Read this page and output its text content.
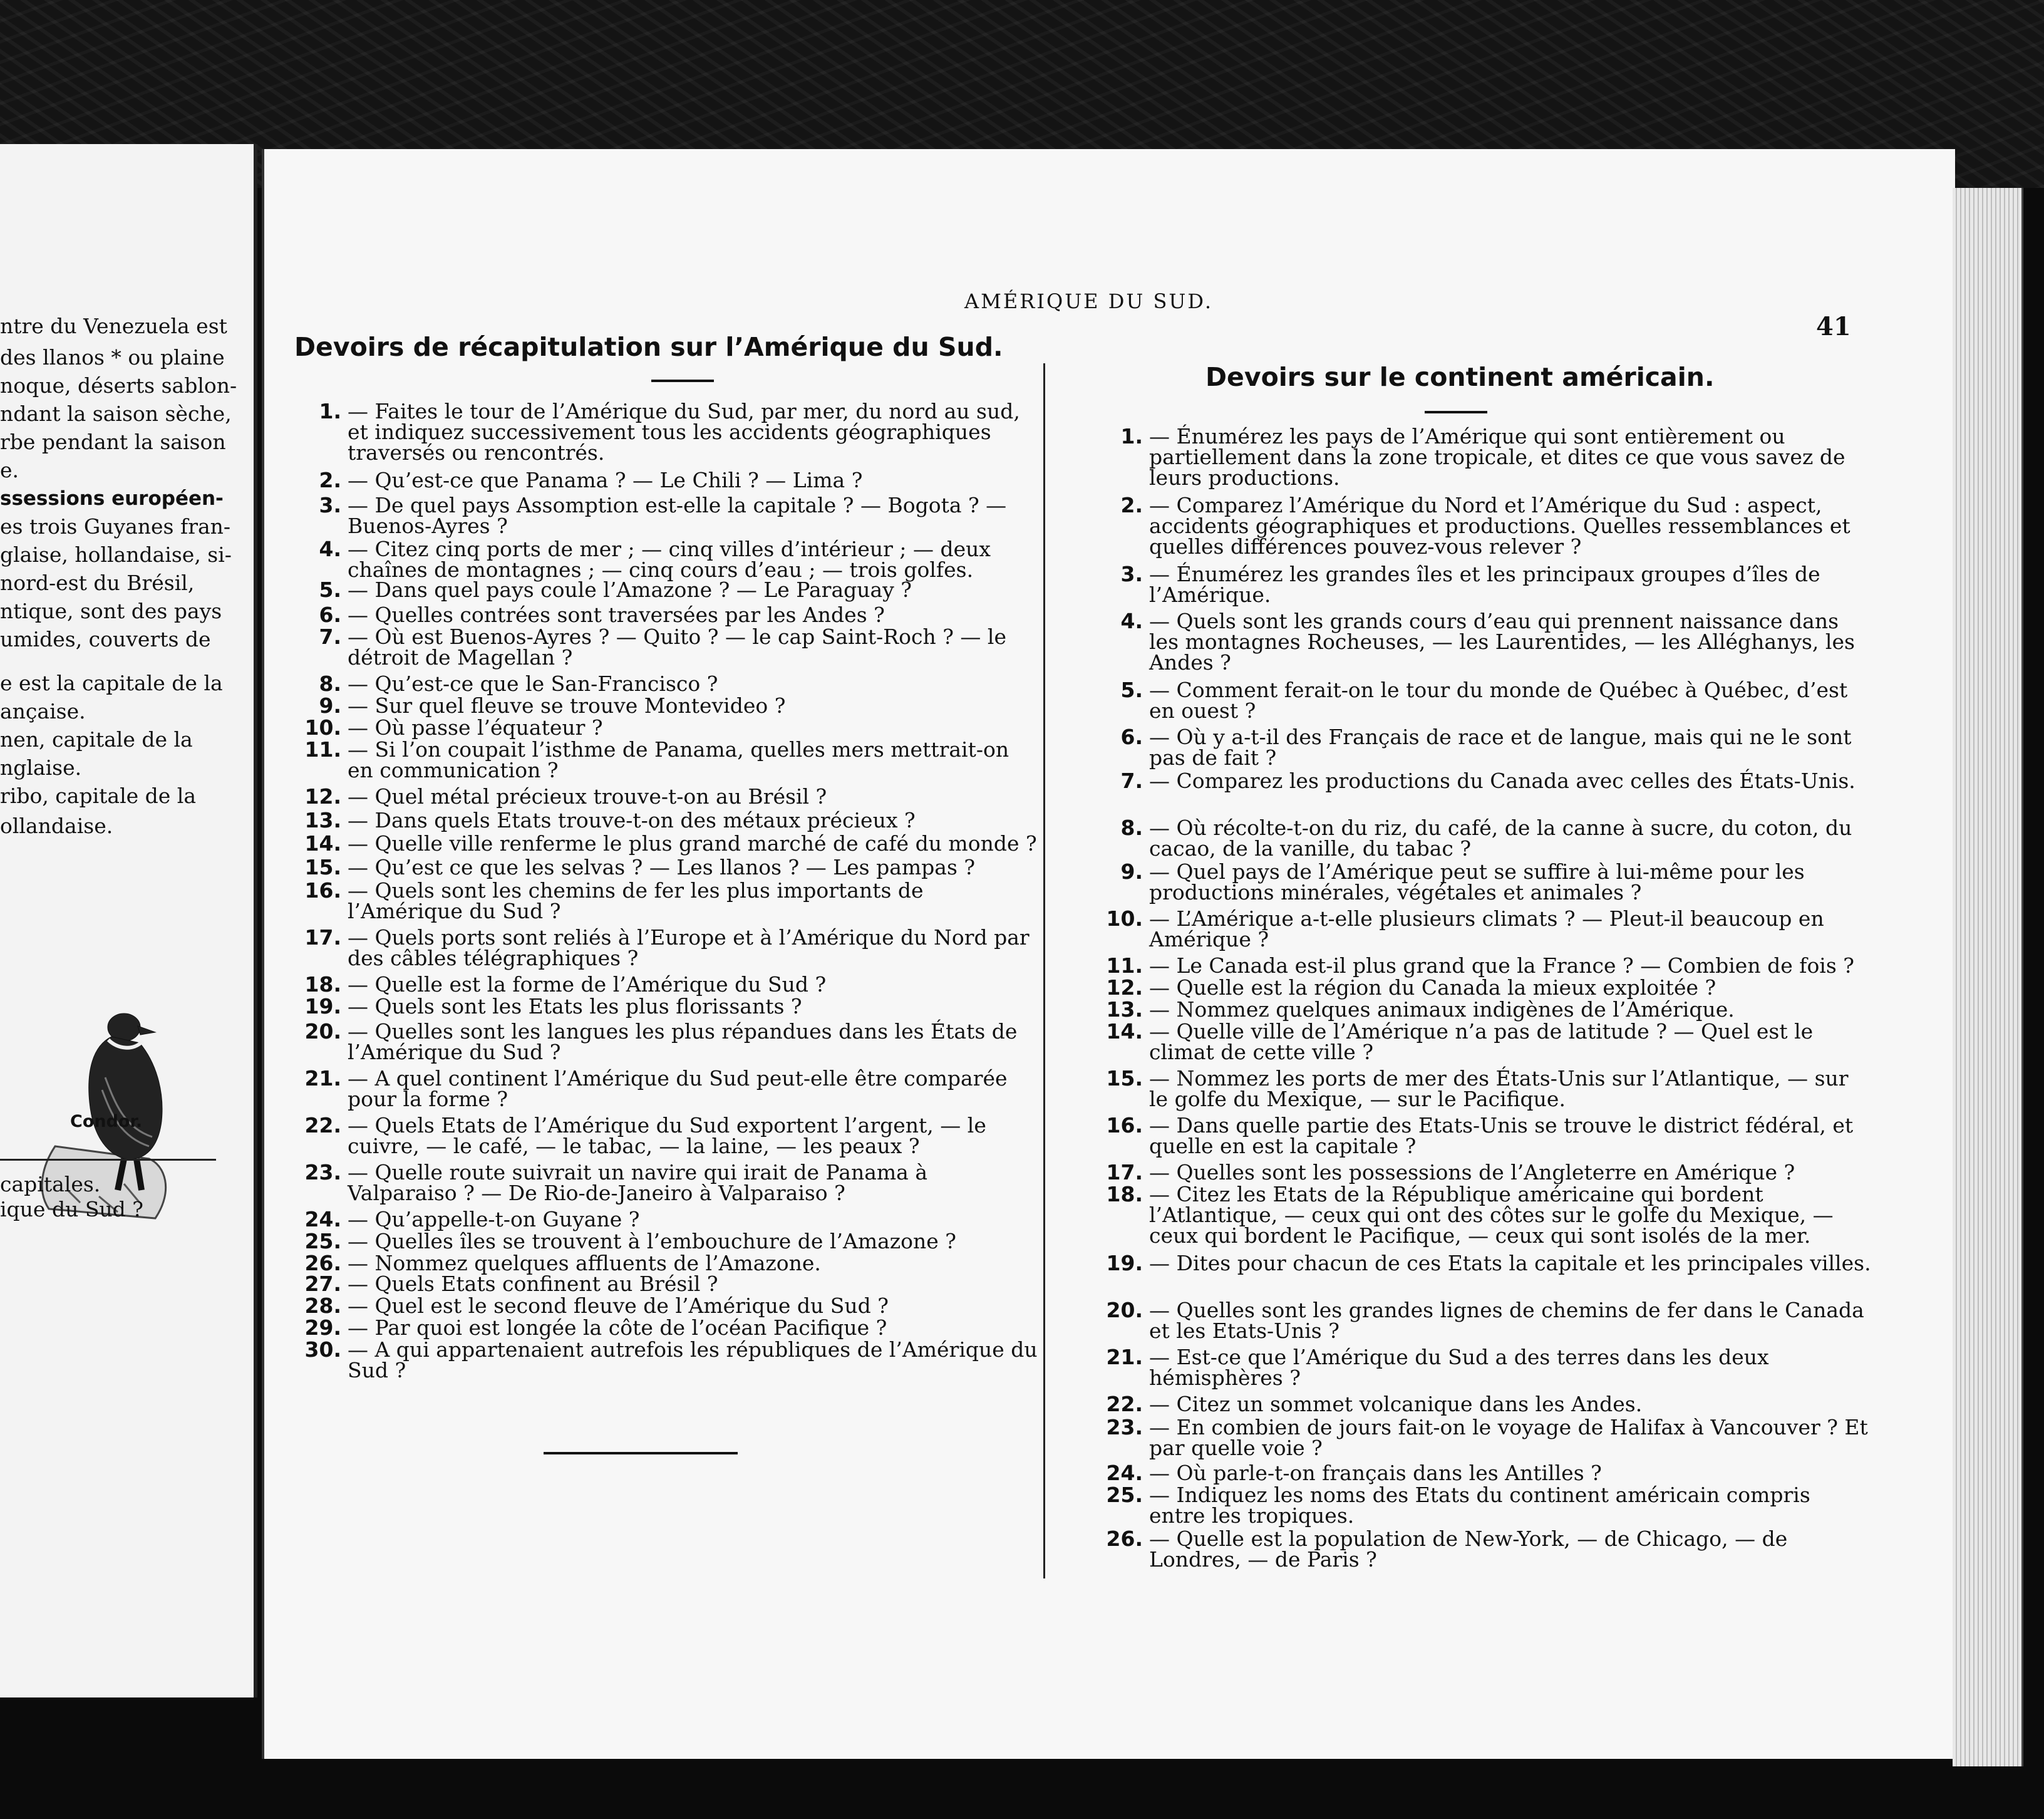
ntre du Venezuela est
des llanos * ou plaine
noque, déserts sablon-
ndant la saison sèche,
rbe pendant la saison
e.
ssessions européen-
es trois Guyanes fran-
glaise, hollandaise, si-
nord-est du Brésil,
ntique, sont des pays
umides, couverts de
e est la capitale de la
ançaise.
nen, capitale de la
nglaise.
ribo, capitale de la
ollandaise.
Condor.
capitales.
ique du Sud ?
AMÉRIQUE DU SUD.
41
Devoirs de récapitulation sur l’Amérique du Sud.
Devoirs sur le continent américain.
1. — Faites le tour de l’Amérique du Sud, par mer, du nord au sud, et indiquez successivement tous les accidents géographiques traversés ou rencontrés.
2. — Qu’est-ce que Panama ? — Le Chili ? — Lima ?
3. — De quel pays Assomption est-elle la capitale ? — Bogota ? — Buenos-Ayres ?
4. — Citez cinq ports de mer ; — cinq villes d’intérieur ; — deux chaînes de montagnes ; — cinq cours d’eau ; — trois golfes.
5. — Dans quel pays coule l’Amazone ? — Le Paraguay ?
6. — Quelles contrées sont traversées par les Andes ?
7. — Où est Buenos-Ayres ? — Quito ? — le cap Saint-Roch ? — le détroit de Magellan ?
8. — Qu’est-ce que le San-Francisco ?
9. — Sur quel fleuve se trouve Montevideo ?
10. — Où passe l’équateur ?
11. — Si l’on coupait l’isthme de Panama, quelles mers mettrait-on en communication ?
12. — Quel métal précieux trouve-t-on au Brésil ?
13. — Dans quels Etats trouve-t-on des métaux précieux ?
14. — Quelle ville renferme le plus grand marché de café du monde ?
15. — Qu’est ce que les selvas ? — Les llanos ? — Les pampas ?
16. — Quels sont les chemins de fer les plus importants de l’Amérique du Sud ?
17. — Quels ports sont reliés à l’Europe et à l’Amérique du Nord par des câbles télégraphiques ?
18. — Quelle est la forme de l’Amérique du Sud ?
19. — Quels sont les Etats les plus florissants ?
20. — Quelles sont les langues les plus répandues dans les États de l’Amérique du Sud ?
21. — A quel continent l’Amérique du Sud peut-elle être comparée pour la forme ?
22. — Quels Etats de l’Amérique du Sud exportent l’argent, — le cuivre, — le café, — le tabac, — la laine, — les peaux ?
23. — Quelle route suivrait un navire qui irait de Panama à Valparaiso ? — De Rio-de-Janeiro à Valparaiso ?
24. — Qu’appelle-t-on Guyane ?
25. — Quelles îles se trouvent à l’embouchure de l’Amazone ?
26. — Nommez quelques affluents de l’Amazone.
27. — Quels Etats confinent au Brésil ?
28. — Quel est le second fleuve de l’Amérique du Sud ?
29. — Par quoi est longée la côte de l’océan Pacifique ?
30. — A qui appartenaient autrefois les républiques de l’Amérique du Sud ?
1. — Énumérez les pays de l’Amérique qui sont entièrement ou partiellement dans la zone tropicale, et dites ce que vous savez de leurs productions.
2. — Comparez l’Amérique du Nord et l’Amérique du Sud : aspect, accidents géographiques et productions. Quelles ressemblances et quelles différences pouvez-vous relever ?
3. — Énumérez les grandes îles et les principaux groupes d’îles de l’Amérique.
4. — Quels sont les grands cours d’eau qui prennent naissance dans les montagnes Rocheuses, — les Laurentides, — les Alléghanys, les Andes ?
5. — Comment ferait-on le tour du monde de Québec à Québec, d’est en ouest ?
6. — Où y a-t-il des Français de race et de langue, mais qui ne le sont pas de fait ?
7. — Comparez les productions du Canada avec celles des États-Unis.
8. — Où récolte-t-on du riz, du café, de la canne à sucre, du coton, du cacao, de la vanille, du tabac ?
9. — Quel pays de l’Amérique peut se suffire à lui-même pour les productions minérales, végétales et animales ?
10. — L’Amérique a-t-elle plusieurs climats ? — Pleut-il beaucoup en Amérique ?
11. — Le Canada est-il plus grand que la France ? — Combien de fois ?
12. — Quelle est la région du Canada la mieux exploitée ?
13. — Nommez quelques animaux indigènes de l’Amérique.
14. — Quelle ville de l’Amérique n’a pas de latitude ? — Quel est le climat de cette ville ?
15. — Nommez les ports de mer des États-Unis sur l’Atlantique, — sur le golfe du Mexique, — sur le Pacifique.
16. — Dans quelle partie des Etats-Unis se trouve le district fédéral, et quelle en est la capitale ?
17. — Quelles sont les possessions de l’Angleterre en Amérique ?
18. — Citez les Etats de la République américaine qui bordent l’Atlantique, — ceux qui ont des côtes sur le golfe du Mexique, — ceux qui bordent le Pacifique, — ceux qui sont isolés de la mer.
19. — Dites pour chacun de ces Etats la capitale et les principales villes.
20. — Quelles sont les grandes lignes de chemins de fer dans le Canada et les Etats-Unis ?
21. — Est-ce que l’Amérique du Sud a des terres dans les deux hémisphères ?
22. — Citez un sommet volcanique dans les Andes.
23. — En combien de jours fait-on le voyage de Halifax à Vancouver ? Et par quelle voie ?
24. — Où parle-t-on français dans les Antilles ?
25. — Indiquez les noms des Etats du continent américain compris entre les tropiques.
26. — Quelle est la population de New-York, — de Chicago, — de Londres, — de Paris ?
